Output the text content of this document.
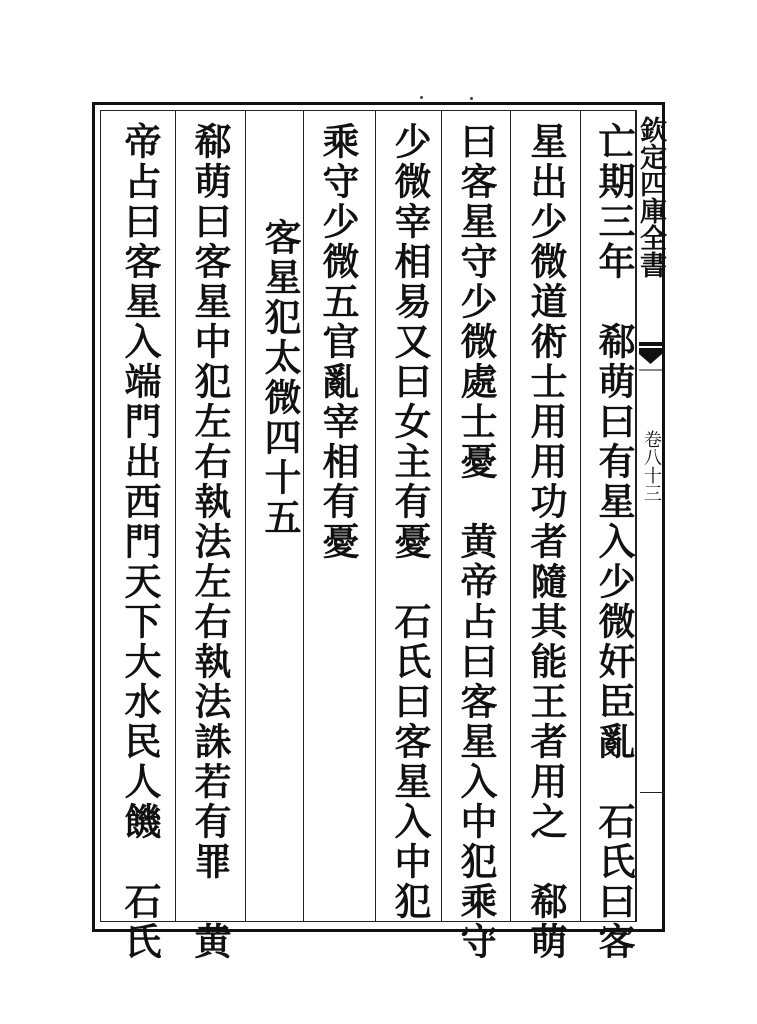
亡期三年　郗萌曰有星入少微奸臣亂　石氏曰客
星出少微道術士用用功者隨其能王者用之　郗萌
曰客星守少微處士憂　黄帝占曰客星入中犯乘守
少微宰相易又曰女主有憂　石氏曰客星入中犯
乘守少微五官亂宰相有憂
客星犯太微四十五
郗萌曰客星中犯左右執法左右執法誅若有罪　黄
帝占曰客星入端門出西門天下大水民人饑　石氏	欽定四庫全書
卷八十三
